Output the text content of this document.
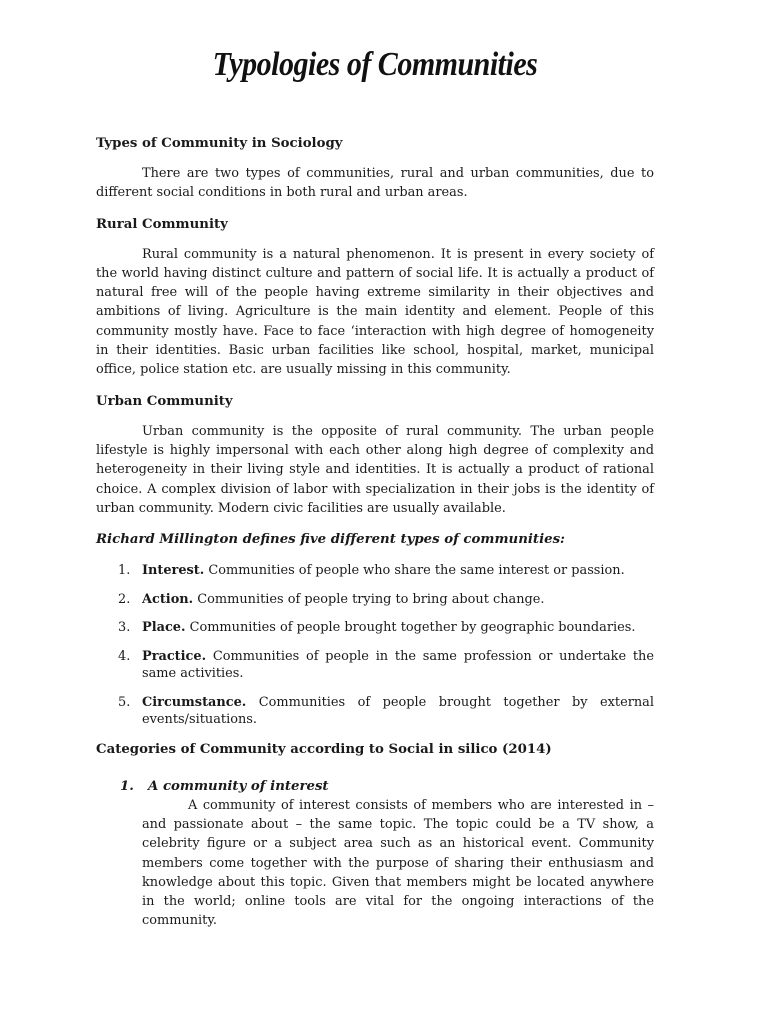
Typologies of Communities
Types of Community in Sociology

There are two types of communities, rural and urban communities, due to different social conditions in both rural and urban areas.

Rural Community

Rural community is a natural phenomenon. It is present in every society of the world having distinct culture and pattern of social life. It is actually a product of natural free will of the people having extreme similarity in their objectives and ambitions of living. Agriculture is the main identity and element. People of this community mostly have. Face to face ‘interaction with high degree of homogeneity in their identities. Basic urban facilities like school, hospital, market, municipal office, police station etc. are usually missing in this community.

Urban Community

Urban community is the opposite of rural community. The urban people lifestyle is highly impersonal with each other along high degree of complexity and heterogeneity in their living style and identities. It is actually a product of rational choice. A complex division of labor with specialization in their jobs is the identity of urban community. Modern civic facilities are usually available.

Richard Millington defines five different types of communities:
1. Interest. Communities of people who share the same interest or passion.
2. Action. Communities of people trying to bring about change.
3. Place. Communities of people brought together by geographic boundaries.
4. Practice. Communities of people in the same profession or undertake the same activities.
5. Circumstance. Communities of people brought together by external events/situations.
Categories of Community according to Social in silico (2014)
1. A community of interest

A community of interest consists of members who are interested in – and passionate about – the same topic. The topic could be a TV show, a celebrity figure or a subject area such as an historical event. Community members come together with the purpose of sharing their enthusiasm and knowledge about this topic. Given that members might be located anywhere in the world; online tools are vital for the ongoing interactions of the community.
